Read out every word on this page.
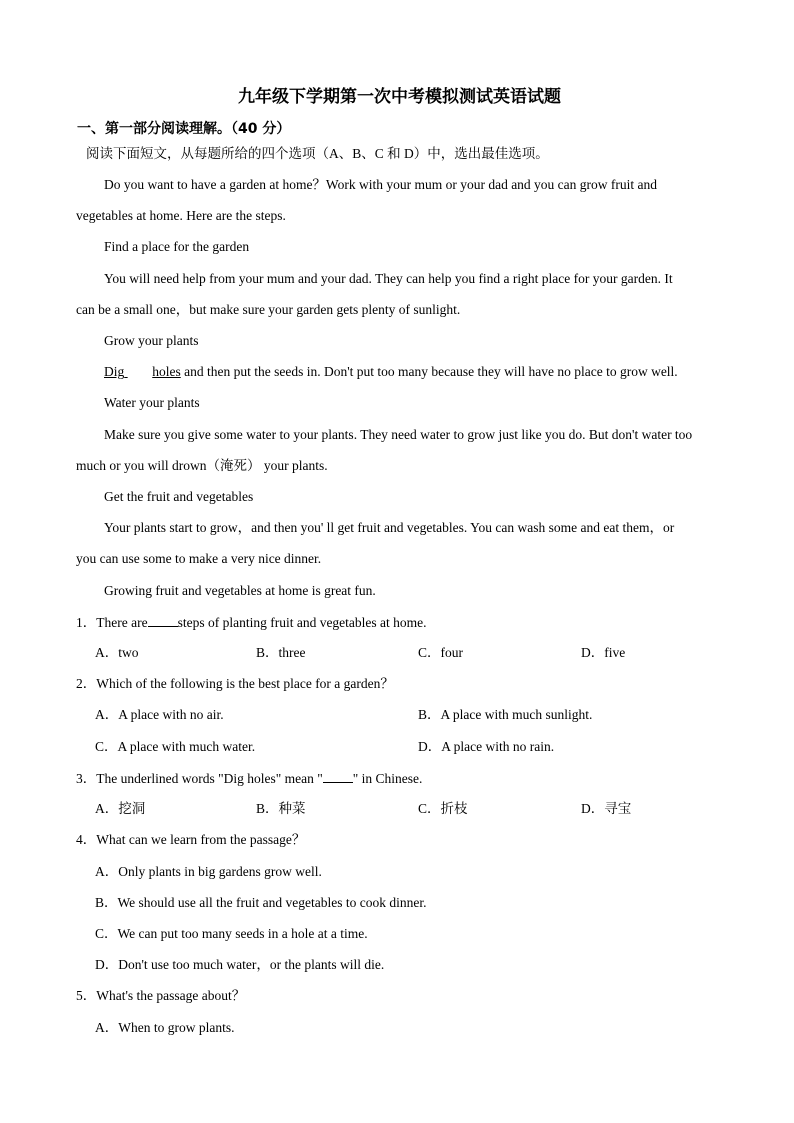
九年级下学期第一次中考模拟测试英语试题
一、第一部分阅读理解。（40 分）
阅读下面短文，从每题所给的四个选项（A、B、C 和 D）中，选出最佳选项。
Do you want to have a garden at home？Work with your mum or your dad and you can grow fruit and
vegetables at home. Here are the steps.
Find a place for the garden
You will need help from your mum and your dad. They can help you find a right place for your garden. It
can be a small one，but make sure your garden gets plenty of sunlight.
Grow your plants
Dig holes and then put the seeds in. Don't put too many because they will have no place to grow well.
Water your plants
Make sure you give some water to your plants. They need water to grow just like you do. But don't water too
much or you will drown（淹死） your plants.
Get the fruit and vegetables
Your plants start to grow，and then you' ll get fruit and vegetables. You can wash some and eat them，or
you can use some to make a very nice dinner.
Growing fruit and vegetables at home is great fun.
1．There are steps of planting fruit and vegetables at home.
A．two	B．three	C．four	D．five
2．Which of the following is the best place for a garden？
A．A place with no air.	B．A place with much sunlight.
C．A place with much water.	D．A place with no rain.
3．The underlined words "Dig holes" mean " " in Chinese.
A．挖洞	B．种菜	C．折枝	D．寻宝
4．What can we learn from the passage？
A．Only plants in big gardens grow well.
B．We should use all the fruit and vegetables to cook dinner.
C．We can put too many seeds in a hole at a time.
D．Don't use too much water，or the plants will die.
5．What's the passage about？
A．When to grow plants.
